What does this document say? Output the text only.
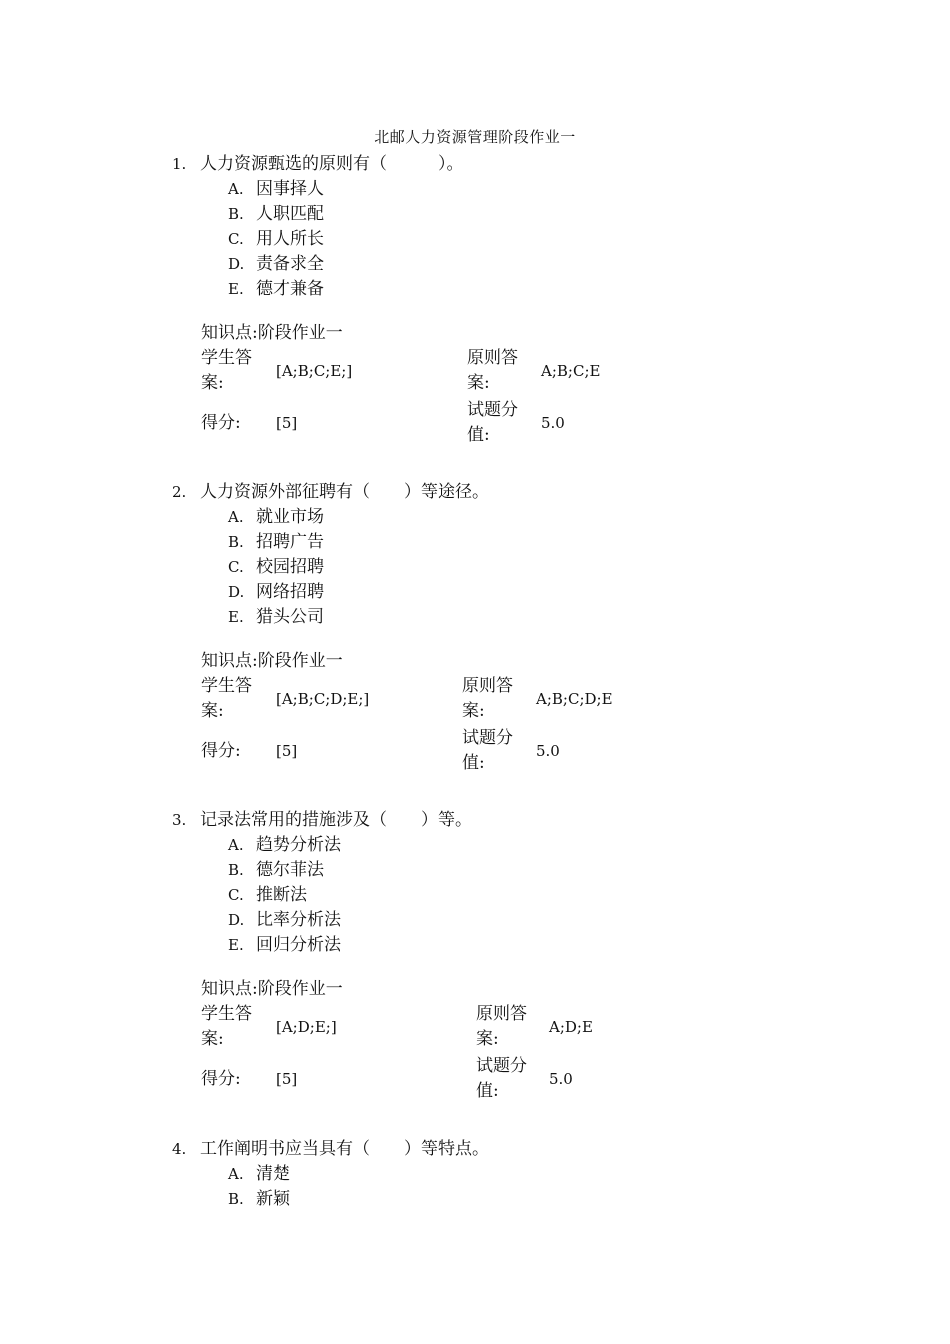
北邮人力资源管理阶段作业一
1. 人力资源甄选的原则有（　　　）。
A. 因事择人
B. 人职匹配
C. 用人所长
D. 责备求全
E. 德才兼备
知识点:阶段作业一
学生答案:
[A;B;C;E;]
原则答案:
A;B;C;E
得分:	[5]
试题分值:
5.0
2. 人力资源外部征聘有（　　）等途径。
A. 就业市场
B. 招聘广告
C. 校园招聘
D. 网络招聘
E. 猎头公司
知识点:阶段作业一
学生答案:
[A;B;C;D;E;]
原则答案:
A;B;C;D;E
得分:	[5]
试题分值:
5.0
3. 记录法常用的措施涉及（　　）等。
A. 趋势分析法
B. 德尔菲法
C. 推断法
D. 比率分析法
E. 回归分析法
知识点:阶段作业一
学生答案:
[A;D;E;]
原则答案:
A;D;E
得分:	[5]
试题分值:
5.0
4. 工作阐明书应当具有（　　）等特点。
A. 清楚
B. 新颖
